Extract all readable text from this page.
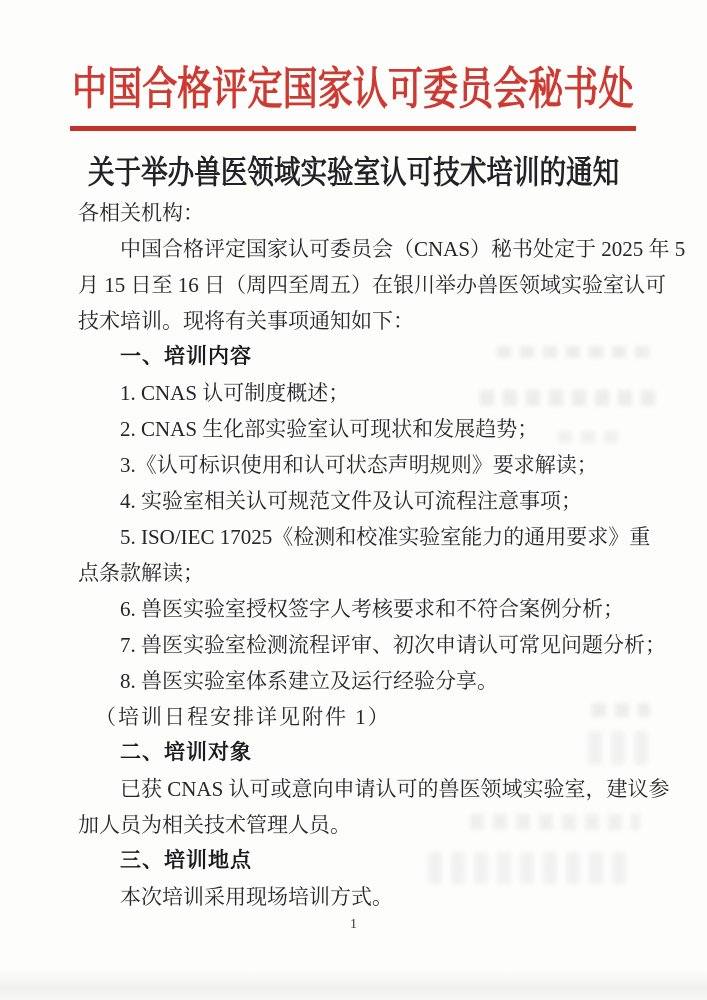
中国合格评定国家认可委员会秘书处
关于举办兽医领域实验室认可技术培训的通知
各相关机构：
中国合格评定国家认可委员会（CNAS）秘书处定于 2025 年 5
月 15 日至 16 日（周四至周五）在银川举办兽医领域实验室认可
技术培训。现将有关事项通知如下：
一、培训内容
1. CNAS 认可制度概述；
2. CNAS 生化部实验室认可现状和发展趋势；
3.《认可标识使用和认可状态声明规则》要求解读；
4. 实验室相关认可规范文件及认可流程注意事项；
5. ISO/IEC 17025《检测和校准实验室能力的通用要求》重
点条款解读；
6. 兽医实验室授权签字人考核要求和不符合案例分析；
7. 兽医实验室检测流程评审、初次申请认可常见问题分析；
8. 兽医实验室体系建立及运行经验分享。
（培训日程安排详见附件 1）
二、培训对象
已获 CNAS 认可或意向申请认可的兽医领域实验室，建议参
加人员为相关技术管理人员。
三、培训地点
本次培训采用现场培训方式。
1
